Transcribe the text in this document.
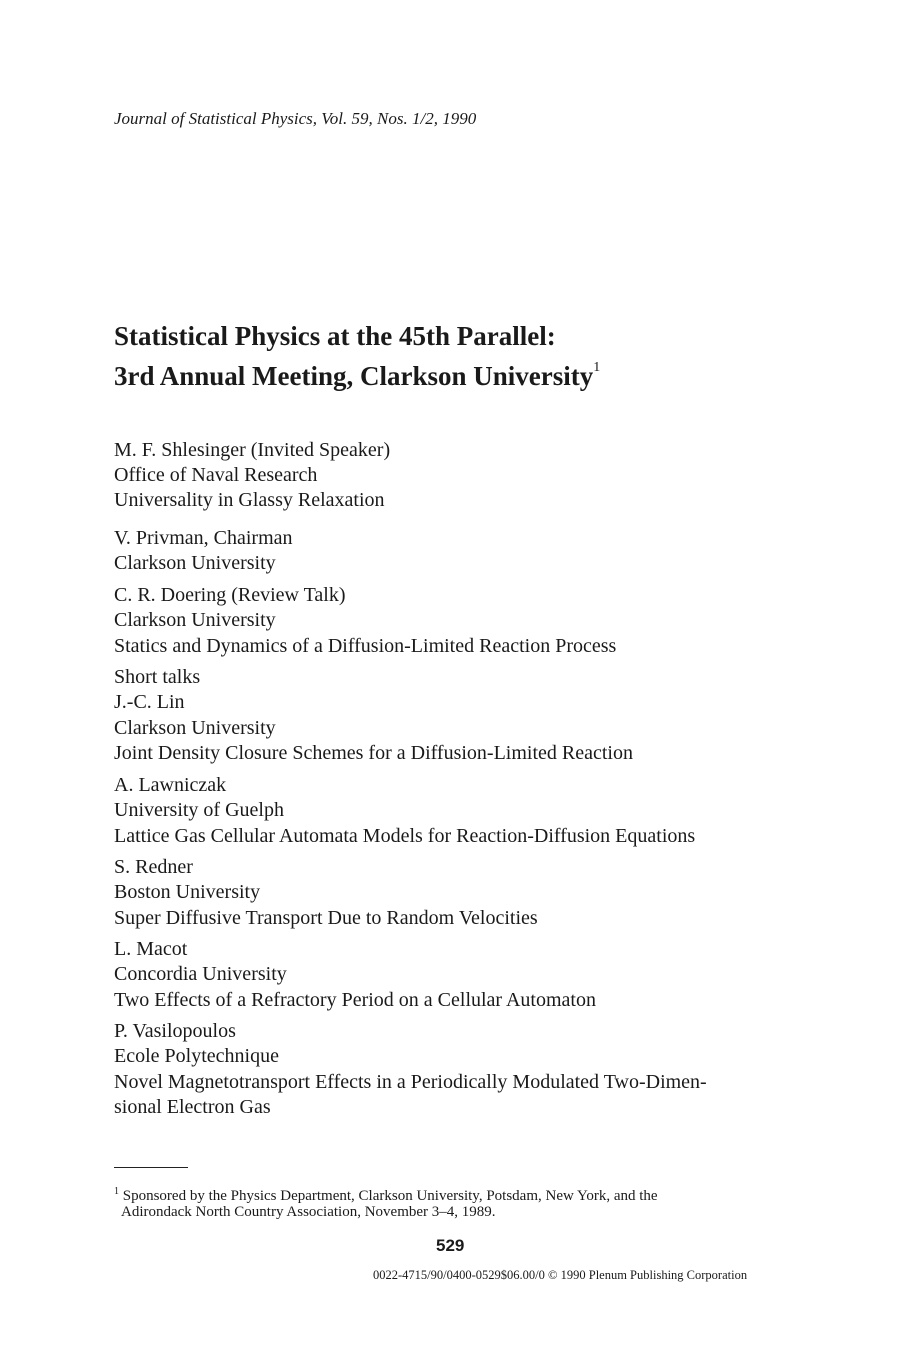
Journal of Statistical Physics, Vol. 59, Nos. 1/2, 1990
Statistical Physics at the 45th Parallel:
3rd Annual Meeting, Clarkson University$^1$
M. F. Shlesinger (Invited Speaker)
Office of Naval Research
Universality in Glassy Relaxation
V. Privman, Chairman
Clarkson University
C. R. Doering (Review Talk)
Clarkson University
Statics and Dynamics of a Diffusion-Limited Reaction Process
Short talks
J.-C. Lin
Clarkson University
Joint Density Closure Schemes for a Diffusion-Limited Reaction
A. Lawniczak
University of Guelph
Lattice Gas Cellular Automata Models for Reaction-Diffusion Equations
S. Redner
Boston University
Super Diffusive Transport Due to Random Velocities
L. Macot
Concordia University
Two Effects of a Refractory Period on a Cellular Automaton
P. Vasilopoulos
Ecole Polytechnique
Novel Magnetotransport Effects in a Periodically Modulated Two-Dimen-
sional Electron Gas
$^1$ Sponsored by the Physics Department, Clarkson University, Potsdam, New York, and the
Adirondack North Country Association, November 3–4, 1989.
529
0022-4715/90/0400-0529$06.00/0 © 1990 Plenum Publishing Corporation
